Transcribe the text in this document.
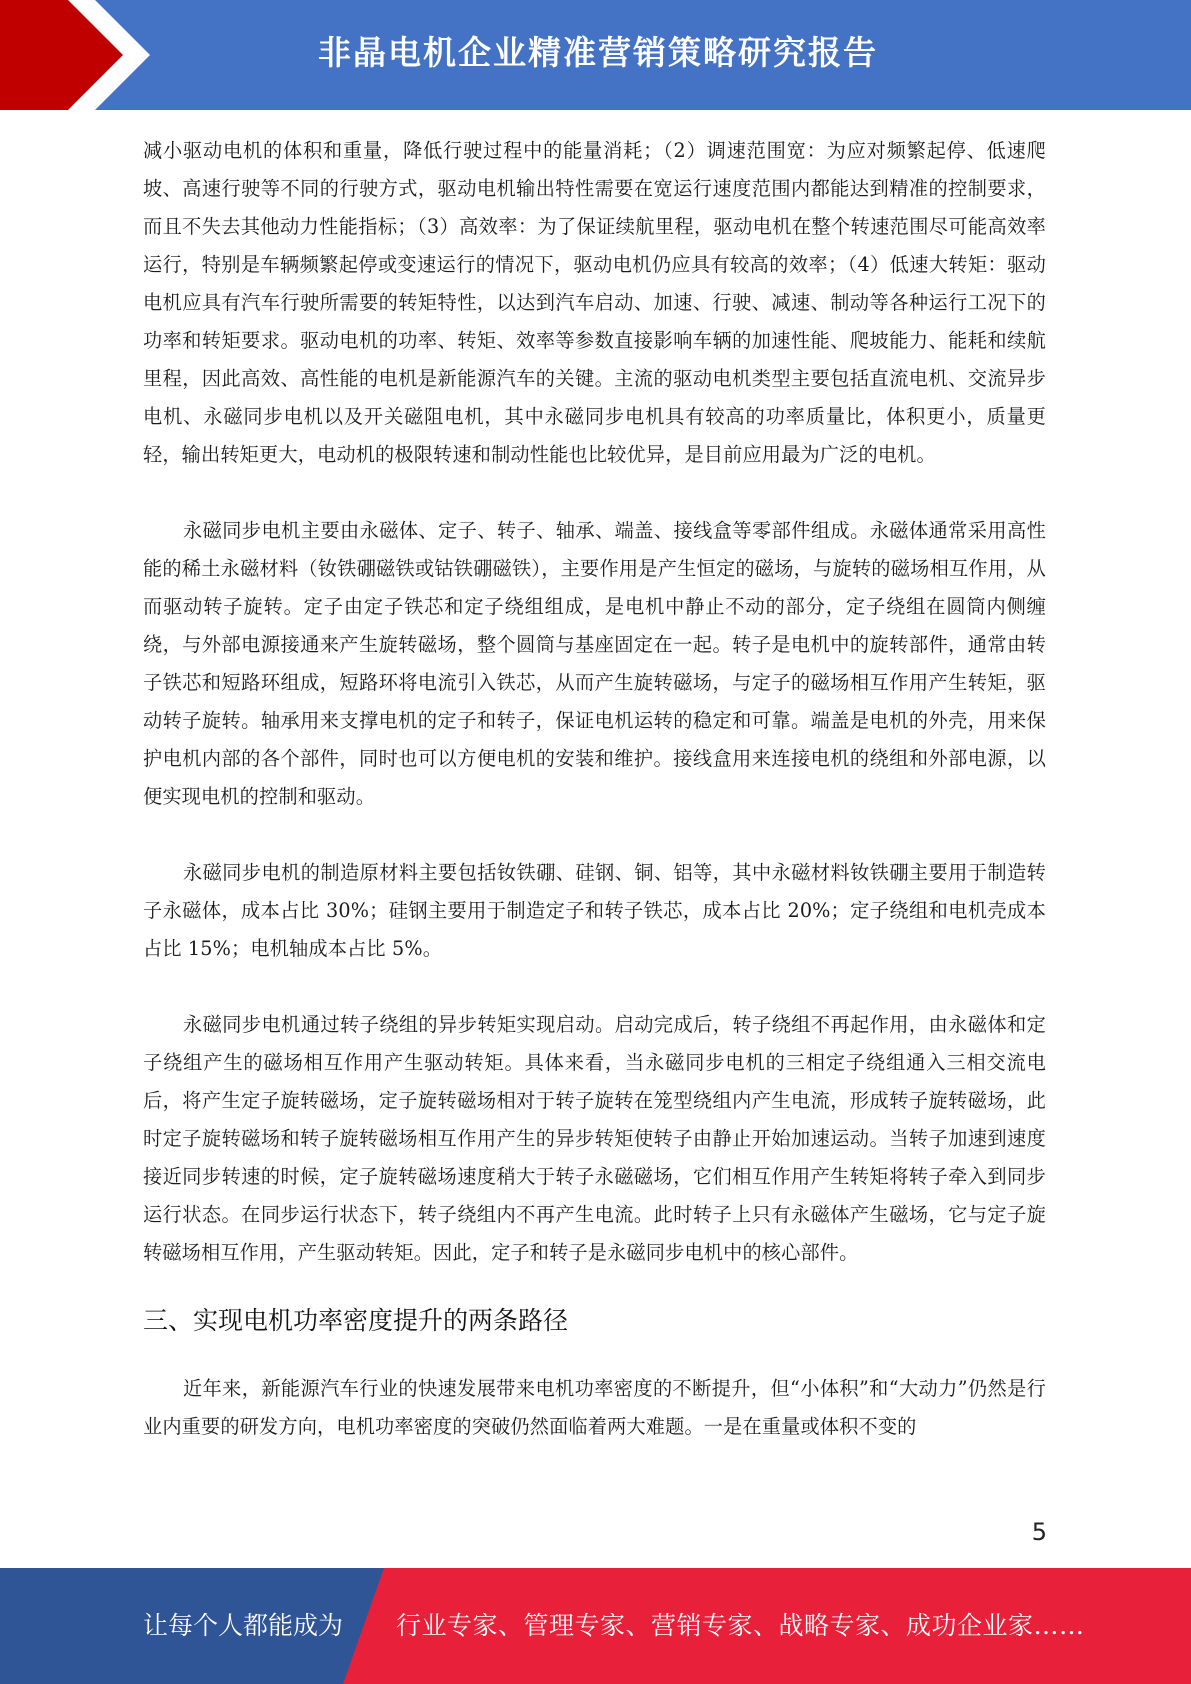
非晶电机企业精准营销策略研究报告

减小驱动电机的体积和重量，降低行驶过程中的能量消耗；（2）调速范围宽：为应对频繁起停、低速爬坡、高速行驶等不同的行驶方式，驱动电机输出特性需要在宽运行速度范围内都能达到精准的控制要求，而且不失去其他动力性能指标；（3）高效率：为了保证续航里程，驱动电机在整个转速范围尽可能高效率运行，特别是车辆频繁起停或变速运行的情况下，驱动电机仍应具有较高的效率；（4）低速大转矩：驱动电机应具有汽车行驶所需要的转矩特性，以达到汽车启动、加速、行驶、减速、制动等各种运行工况下的功率和转矩要求。驱动电机的功率、转矩、效率等参数直接影响车辆的加速性能、爬坡能力、能耗和续航里程，因此高效、高性能的电机是新能源汽车的关键。主流的驱动电机类型主要包括直流电机、交流异步电机、永磁同步电机以及开关磁阻电机，其中永磁同步电机具有较高的功率质量比，体积更小，质量更轻，输出转矩更大，电动机的极限转速和制动性能也比较优异，是目前应用最为广泛的电机。

永磁同步电机主要由永磁体、定子、转子、轴承、端盖、接线盒等零部件组成。永磁体通常采用高性能的稀土永磁材料（钕铁硼磁铁或钴铁硼磁铁），主要作用是产生恒定的磁场，与旋转的磁场相互作用，从而驱动转子旋转。定子由定子铁芯和定子绕组组成，是电机中静止不动的部分，定子绕组在圆筒内侧缠绕，与外部电源接通来产生旋转磁场，整个圆筒与基座固定在一起。转子是电机中的旋转部件，通常由转子铁芯和短路环组成，短路环将电流引入铁芯，从而产生旋转磁场，与定子的磁场相互作用产生转矩，驱动转子旋转。轴承用来支撑电机的定子和转子，保证电机运转的稳定和可靠。端盖是电机的外壳，用来保护电机内部的各个部件，同时也可以方便电机的安装和维护。接线盒用来连接电机的绕组和外部电源，以便实现电机的控制和驱动。

永磁同步电机的制造原材料主要包括钕铁硼、硅钢、铜、铝等，其中永磁材料钕铁硼主要用于制造转子永磁体，成本占比 30%；硅钢主要用于制造定子和转子铁芯，成本占比 20%；定子绕组和电机壳成本占比 15%；电机轴成本占比 5%。

永磁同步电机通过转子绕组的异步转矩实现启动。启动完成后，转子绕组不再起作用，由永磁体和定子绕组产生的磁场相互作用产生驱动转矩。具体来看，当永磁同步电机的三相定子绕组通入三相交流电后，将产生定子旋转磁场，定子旋转磁场相对于转子旋转在笼型绕组内产生电流，形成转子旋转磁场，此时定子旋转磁场和转子旋转磁场相互作用产生的异步转矩使转子由静止开始加速运动。当转子加速到速度接近同步转速的时候，定子旋转磁场速度稍大于转子永磁磁场，它们相互作用产生转矩将转子牵入到同步运行状态。在同步运行状态下，转子绕组内不再产生电流。此时转子上只有永磁体产生磁场，它与定子旋转磁场相互作用，产生驱动转矩。因此，定子和转子是永磁同步电机中的核心部件。

三、实现电机功率密度提升的两条路径

近年来，新能源汽车行业的快速发展带来电机功率密度的不断提升，但“小体积”和“大动力”仍然是行业内重要的研发方向，电机功率密度的突破仍然面临着两大难题。一是在重量或体积不变的

5
让每个人都能成为 行业专家、管理专家、营销专家、战略专家、成功企业家……
